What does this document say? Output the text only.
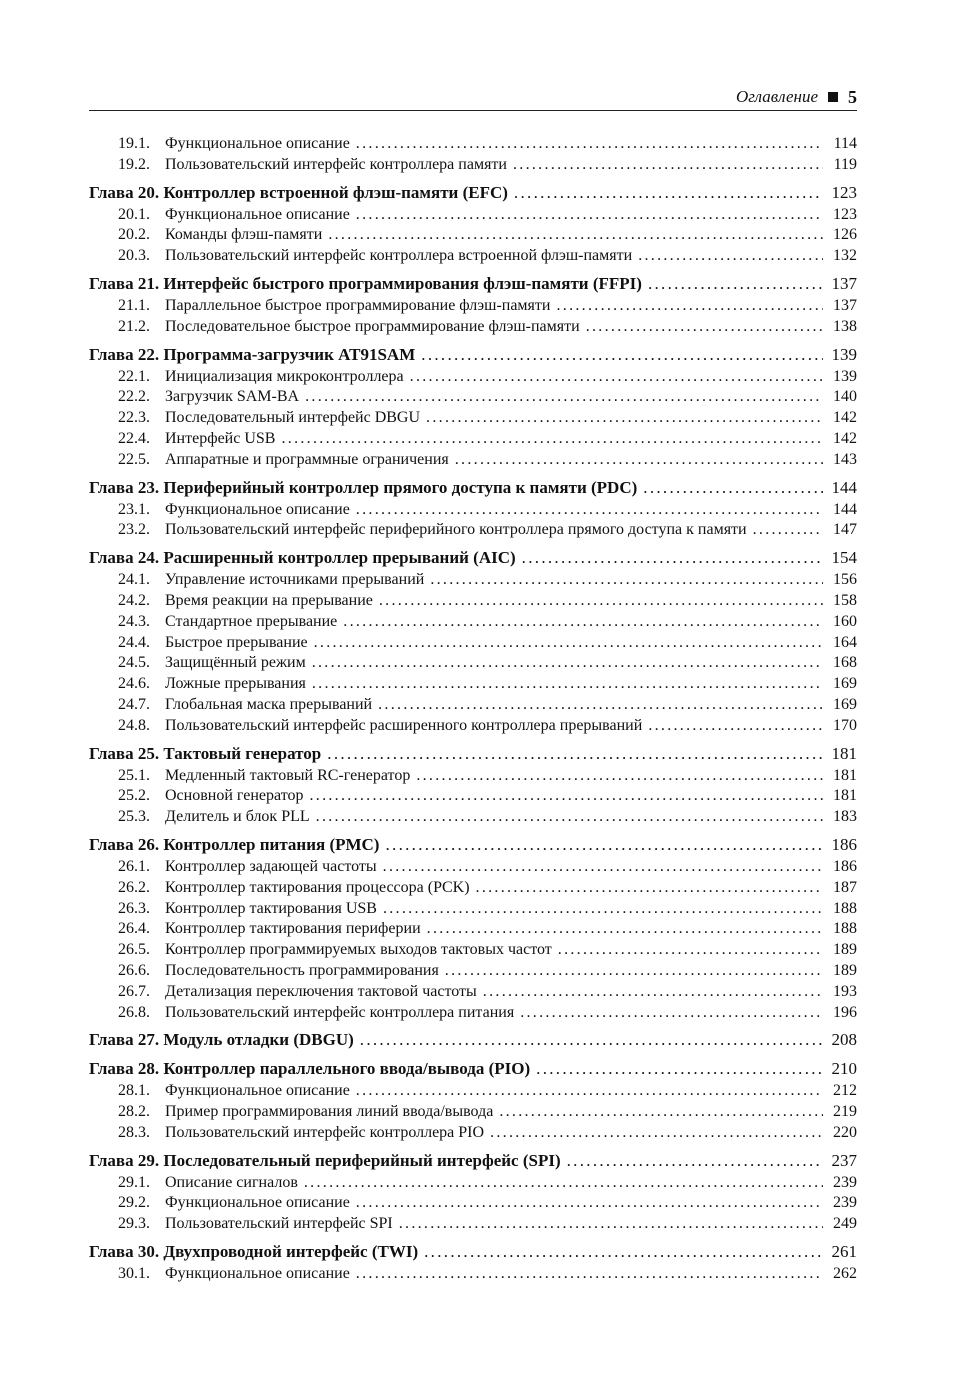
Оглавление 5
19.1. Функциональное описание .....	114
19.2. Пользовательский интерфейс контроллера памяти .....	119
Глава 20. Контроллер встроенной флэш-памяти (EFC) .....	123
20.1. Функциональное описание .....	123
20.2. Команды флэш-памяти .....	126
20.3. Пользовательский интерфейс контроллера встроенной флэш-памяти .....	132
Глава 21. Интерфейс быстрого программирования флэш-памяти (FFPI) .....	137
21.1. Параллельное быстрое программирование флэш-памяти .....	137
21.2. Последовательное быстрое программирование флэш-памяти .....	138
Глава 22. Программа-загрузчик AT91SAM .....	139
22.1. Инициализация микроконтроллера .....	139
22.2. Загрузчик SAM-BA .....	140
22.3. Последовательный интерфейс DBGU .....	142
22.4. Интерфейс USB .....	142
22.5. Аппаратные и программные ограничения .....	143
Глава 23. Периферийный контроллер прямого доступа к памяти (PDC) .....	144
23.1. Функциональное описание .....	144
23.2. Пользовательский интерфейс периферийного контроллера прямого доступа к памяти .....	147
Глава 24. Расширенный контроллер прерываний (AIC) .....	154
24.1. Управление источниками прерываний .....	156
24.2. Время реакции на прерывание .....	158
24.3. Стандартное прерывание .....	160
24.4. Быстрое прерывание .....	164
24.5. Защищённый режим .....	168
24.6. Ложные прерывания .....	169
24.7. Глобальная маска прерываний .....	169
24.8. Пользовательский интерфейс расширенного контроллера прерываний .....	170
Глава 25. Тактовый генератор .....	181
25.1. Медленный тактовый RC-генератор .....	181
25.2. Основной генератор .....	181
25.3. Делитель и блок PLL .....	183
Глава 26. Контроллер питания (PMC) .....	186
26.1. Контроллер задающей частоты .....	186
26.2. Контроллер тактирования процессора (PCK) .....	187
26.3. Контроллер тактирования USB .....	188
26.4. Контроллер тактирования периферии .....	188
26.5. Контроллер программируемых выходов тактовых частот .....	189
26.6. Последовательность программирования .....	189
26.7. Детализация переключения тактовой частоты .....	193
26.8. Пользовательский интерфейс контроллера питания .....	196
Глава 27. Модуль отладки (DBGU) .....	208
Глава 28. Контроллер параллельного ввода/вывода (PIO) .....	210
28.1. Функциональное описание .....	212
28.2. Пример программирования линий ввода/вывода .....	219
28.3. Пользовательский интерфейс контроллера PIO .....	220
Глава 29. Последовательный периферийный интерфейс (SPI) .....	237
29.1. Описание сигналов .....	239
29.2. Функциональное описание .....	239
29.3. Пользовательский интерфейс SPI .....	249
Глава 30. Двухпроводной интерфейс (TWI) .....	261
30.1. Функциональное описание .....	262
